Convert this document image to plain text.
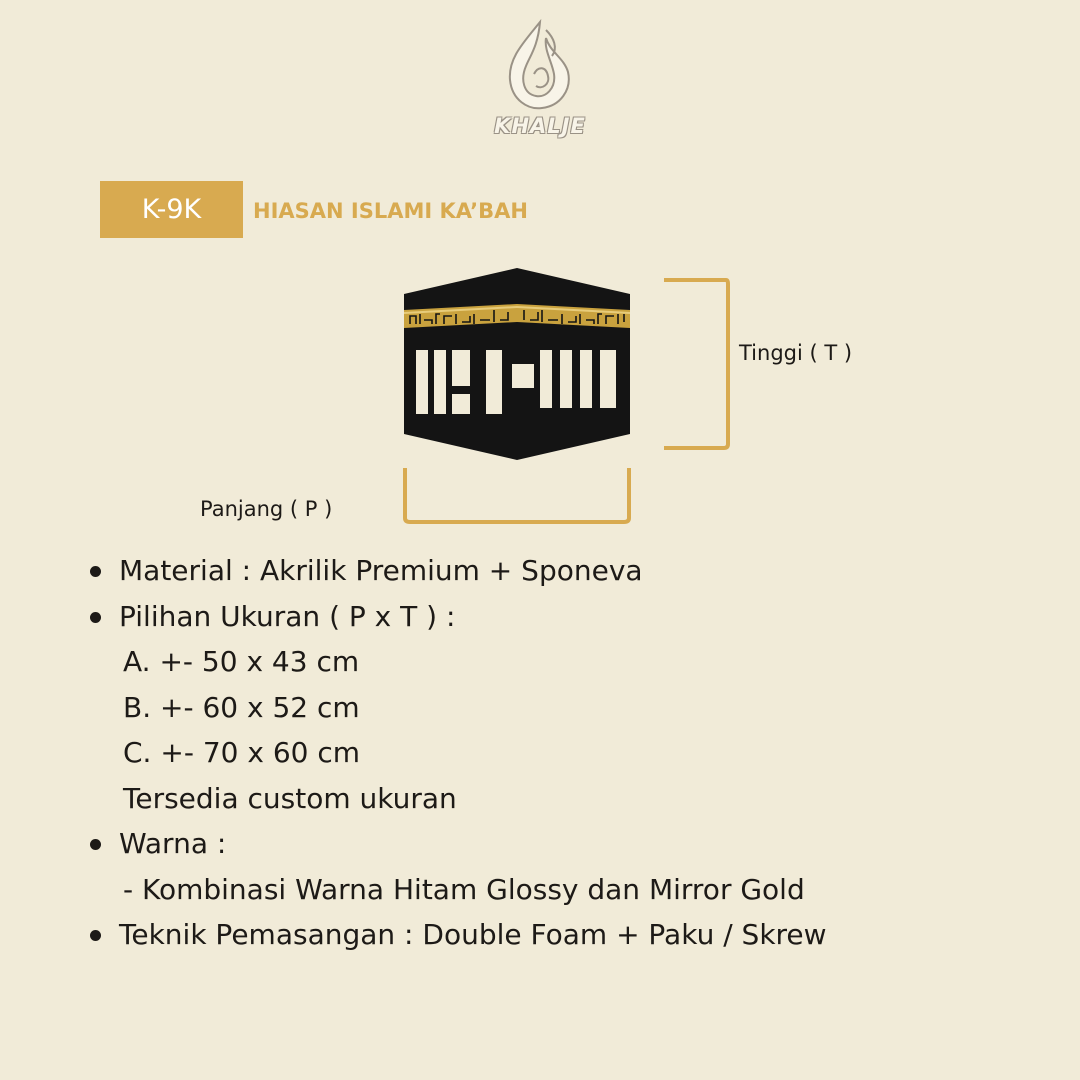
KHALJE
K-9K	HIASAN ISLAMI KA’BAH
Tinggi ( T )
Panjang ( P )
Material : Akrilik Premium + Sponeva
Pilihan Ukuran ( P x T ) :
A. +- 50 x 43 cm
B. +- 60 x 52 cm
C. +- 70 x 60 cm
Tersedia custom ukuran
Warna :
- Kombinasi Warna Hitam Glossy dan Mirror Gold
Teknik Pemasangan : Double Foam + Paku / Skrew
